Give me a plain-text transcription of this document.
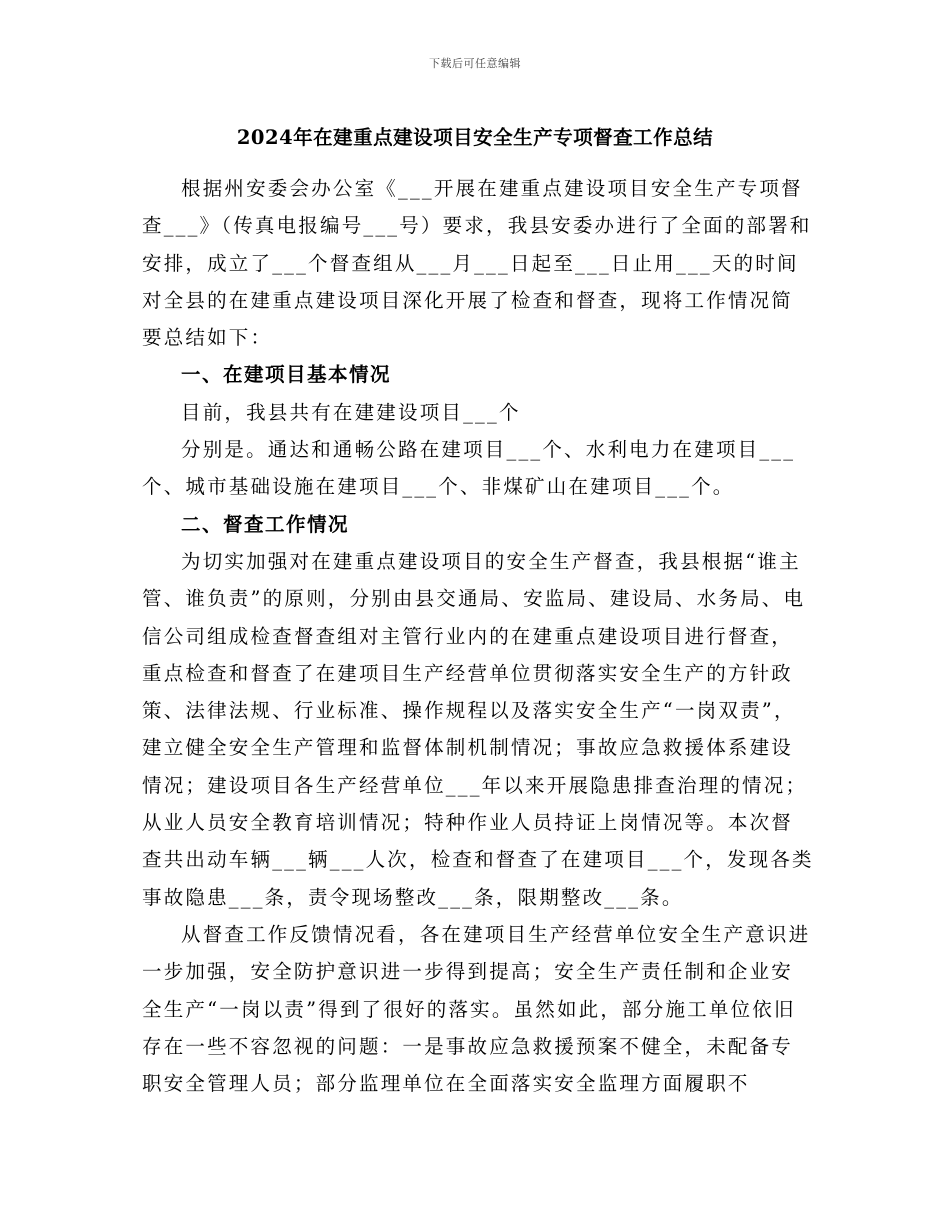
下载后可任意编辑
2024年在建重点建设项目安全生产专项督查工作总结

根据州安委会办公室《___开展在建重点建设项目安全生产专项督查___》（传真电报编号___号）要求，我县安委办进行了全面的部署和安排，成立了___个督查组从___月___日起至___日止用___天的时间对全县的在建重点建设项目深化开展了检查和督查，现将工作情况简要总结如下：

一、在建项目基本情况

目前，我县共有在建建设项目___个

分别是。通达和通畅公路在建项目___个、水利电力在建项目___个、城市基础设施在建项目___个、非煤矿山在建项目___个。

二、督查工作情况

为切实加强对在建重点建设项目的安全生产督查，我县根据“谁主管、谁负责”的原则，分别由县交通局、安监局、建设局、水务局、电信公司组成检查督查组对主管行业内的在建重点建设项目进行督查，重点检查和督查了在建项目生产经营单位贯彻落实安全生产的方针政策、法律法规、行业标准、操作规程以及落实安全生产“一岗双责”，建立健全安全生产管理和监督体制机制情况；事故应急救援体系建设情况；建设项目各生产经营单位___年以来开展隐患排查治理的情况；从业人员安全教育培训情况；特种作业人员持证上岗情况等。本次督查共出动车辆___辆___人次，检查和督查了在建项目___个，发现各类事故隐患___条，责令现场整改___条，限期整改___条。

从督查工作反馈情况看，各在建项目生产经营单位安全生产意识进一步加强，安全防护意识进一步得到提高；安全生产责任制和企业安全生产“一岗以责”得到了很好的落实。虽然如此，部分施工单位依旧存在一些不容忽视的问题：一是事故应急救援预案不健全，未配备专职安全管理人员；部分监理单位在全面落实安全监理方面履职不
